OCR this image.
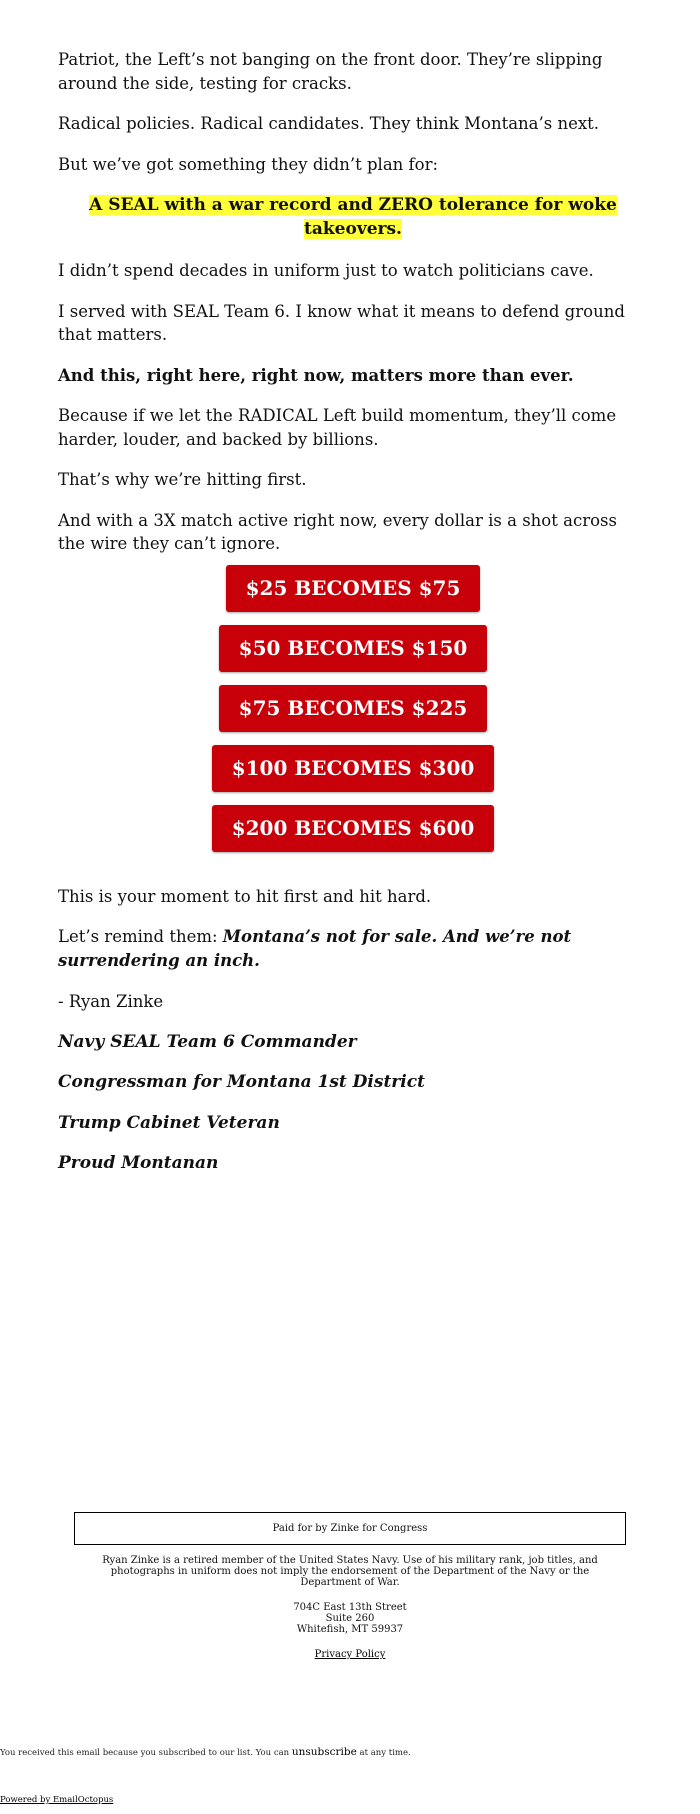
Patriot, the Left’s not banging on the front door. They’re slipping around the side, testing for cracks.

Radical policies. Radical candidates. They think Montana’s next.

But we’ve got something they didn’t plan for:

A SEAL with a war record and ZERO tolerance for woke takeovers.

I didn’t spend decades in uniform just to watch politicians cave.

I served with SEAL Team 6. I know what it means to defend ground that matters.

And this, right here, right now, matters more than ever.

Because if we let the RADICAL Left build momentum, they’ll come harder, louder, and backed by billions.

That’s why we’re hitting first.

And with a 3X match active right now, every dollar is a shot across the wire they can’t ignore.

$25 BECOMES $75
$50 BECOMES $150
$75 BECOMES $225
$100 BECOMES $300
$200 BECOMES $600

This is your moment to hit first and hit hard.

Let’s remind them: Montana’s not for sale. And we’re not surrendering an inch.

- Ryan Zinke

Navy SEAL Team 6 Commander

Congressman for Montana 1st District

Trump Cabinet Veteran

Proud Montanan

Paid for by Zinke for Congress

Ryan Zinke is a retired member of the United States Navy. Use of his military rank, job titles, and photographs in uniform does not imply the endorsement of the Department of the Navy or the Department of War.

704C East 13th Street

Suite 260

Whitefish, MT 59937

Privacy Policy
You received this email because you subscribed to our list. You can unsubscribe at any time.
Powered by EmailOctopus
